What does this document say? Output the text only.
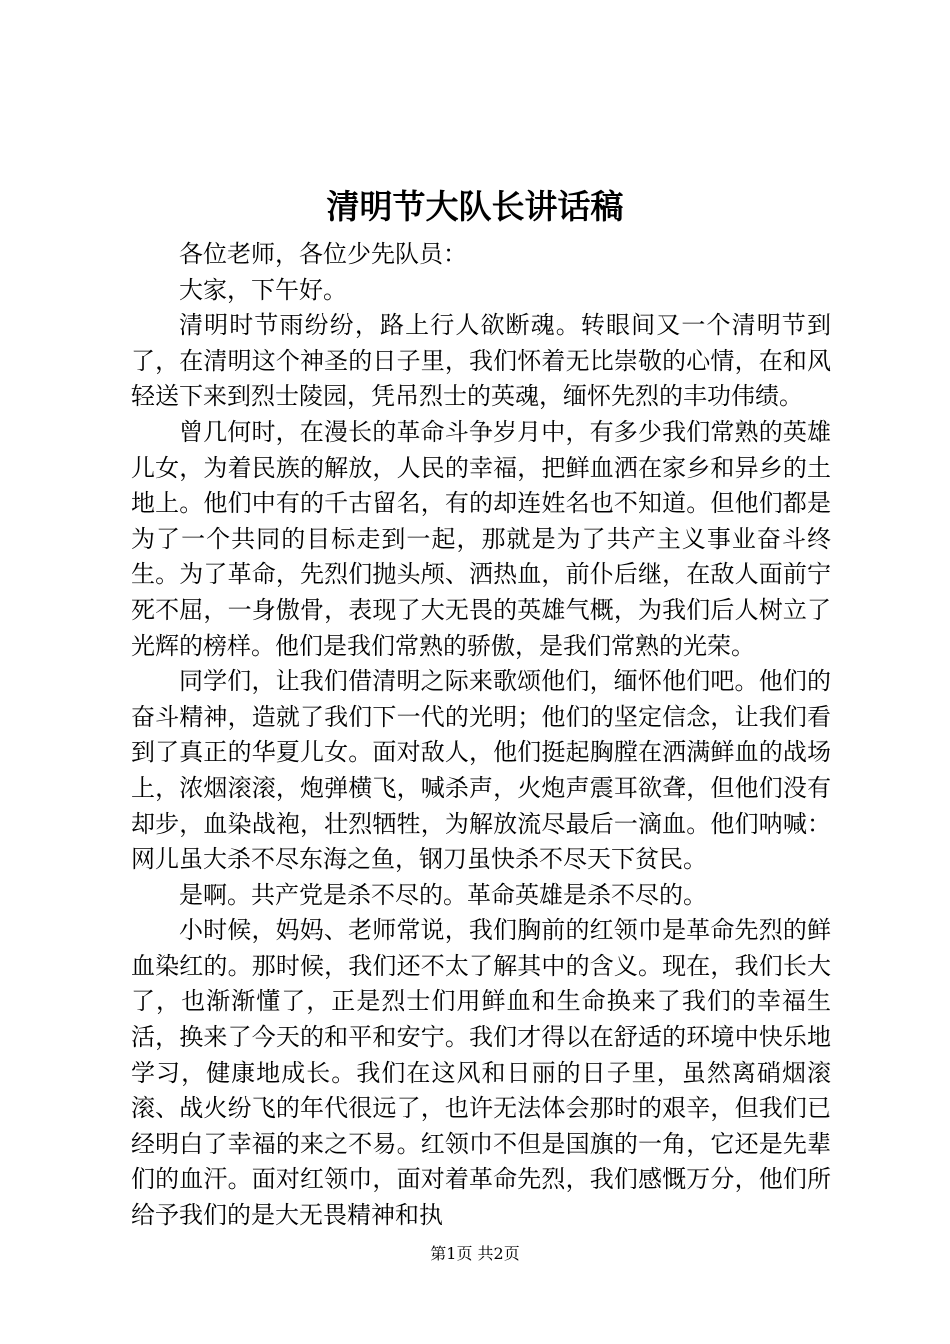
清明节大队长讲话稿

各位老师，各位少先队员：

大家，下午好。

清明时节雨纷纷，路上行人欲断魂。转眼间又一个清明节到了，在清明这个神圣的日子里，我们怀着无比崇敬的心情，在和风轻送下来到烈士陵园，凭吊烈士的英魂，缅怀先烈的丰功伟绩。

曾几何时，在漫长的革命斗争岁月中，有多少我们常熟的英雄儿女，为着民族的解放，人民的幸福，把鲜血洒在家乡和异乡的土地上。他们中有的千古留名，有的却连姓名也不知道。但他们都是为了一个共同的目标走到一起，那就是为了共产主义事业奋斗终生。为了革命，先烈们抛头颅、洒热血，前仆后继，在敌人面前宁死不屈，一身傲骨，表现了大无畏的英雄气概，为我们后人树立了光辉的榜样。他们是我们常熟的骄傲，是我们常熟的光荣。

同学们，让我们借清明之际来歌颂他们，缅怀他们吧。他们的奋斗精神，造就了我们下一代的光明；他们的坚定信念，让我们看到了真正的华夏儿女。面对敌人，他们挺起胸膛在洒满鲜血的战场上，浓烟滚滚，炮弹横飞，喊杀声，火炮声震耳欲聋，但他们没有却步，血染战袍，壮烈牺牲，为解放流尽最后一滴血。他们呐喊：网儿虽大杀不尽东海之鱼，钢刀虽快杀不尽天下贫民。

是啊。共产党是杀不尽的。革命英雄是杀不尽的。

小时候，妈妈、老师常说，我们胸前的红领巾是革命先烈的鲜血染红的。那时候，我们还不太了解其中的含义。现在，我们长大了，也渐渐懂了，正是烈士们用鲜血和生命换来了我们的幸福生活，换来了今天的和平和安宁。我们才得以在舒适的环境中快乐地学习，健康地成长。我们在这风和日丽的日子里，虽然离硝烟滚滚、战火纷飞的年代很远了，也许无法体会那时的艰辛，但我们已经明白了幸福的来之不易。红领巾不但是国旗的一角，它还是先辈们的血汗。面对红领巾，面对着革命先烈，我们感慨万分，他们所给予我们的是大无畏精神和执

第1页 共2页
